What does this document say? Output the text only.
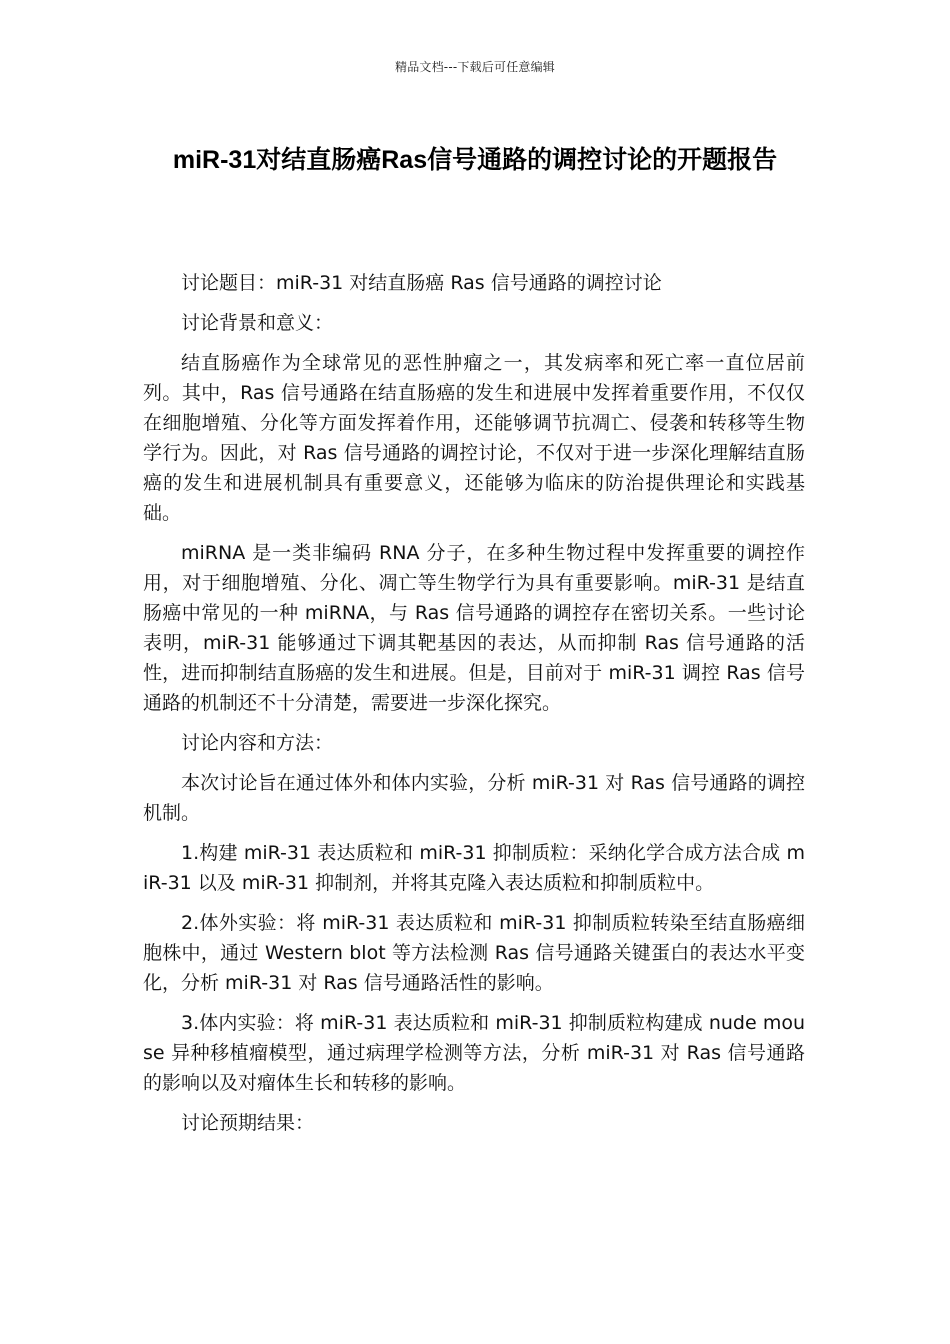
精品文档---下载后可任意编辑
miR-31对结直肠癌Ras信号通路的调控讨论的开题报告

讨论题目：miR-31 对结直肠癌 Ras 信号通路的调控讨论

讨论背景和意义：

结直肠癌作为全球常见的恶性肿瘤之一，其发病率和死亡率一直位居前列。其中，Ras 信号通路在结直肠癌的发生和进展中发挥着重要作用，不仅仅在细胞增殖、分化等方面发挥着作用，还能够调节抗凋亡、侵袭和转移等生物学行为。因此，对 Ras 信号通路的调控讨论，不仅对于进一步深化理解结直肠癌的发生和进展机制具有重要意义，还能够为临床的防治提供理论和实践基础。

miRNA 是一类非编码 RNA 分子，在多种生物过程中发挥重要的调控作用，对于细胞增殖、分化、凋亡等生物学行为具有重要影响。miR-31 是结直肠癌中常见的一种 miRNA，与 Ras 信号通路的调控存在密切关系。一些讨论表明，miR-31 能够通过下调其靶基因的表达，从而抑制 Ras 信号通路的活性，进而抑制结直肠癌的发生和进展。但是，目前对于 miR-31 调控 Ras 信号通路的机制还不十分清楚，需要进一步深化探究。

讨论内容和方法：

本次讨论旨在通过体外和体内实验，分析 miR-31 对 Ras 信号通路的调控机制。

1.构建 miR-31 表达质粒和 miR-31 抑制质粒：采纳化学合成方法合成 miR-31 以及 miR-31 抑制剂，并将其克隆入表达质粒和抑制质粒中。

2.体外实验：将 miR-31 表达质粒和 miR-31 抑制质粒转染至结直肠癌细胞株中，通过 Western blot 等方法检测 Ras 信号通路关键蛋白的表达水平变化，分析 miR-31 对 Ras 信号通路活性的影响。

3.体内实验：将 miR-31 表达质粒和 miR-31 抑制质粒构建成 nude mouse 异种移植瘤模型，通过病理学检测等方法，分析 miR-31 对 Ras 信号通路的影响以及对瘤体生长和转移的影响。

讨论预期结果：
